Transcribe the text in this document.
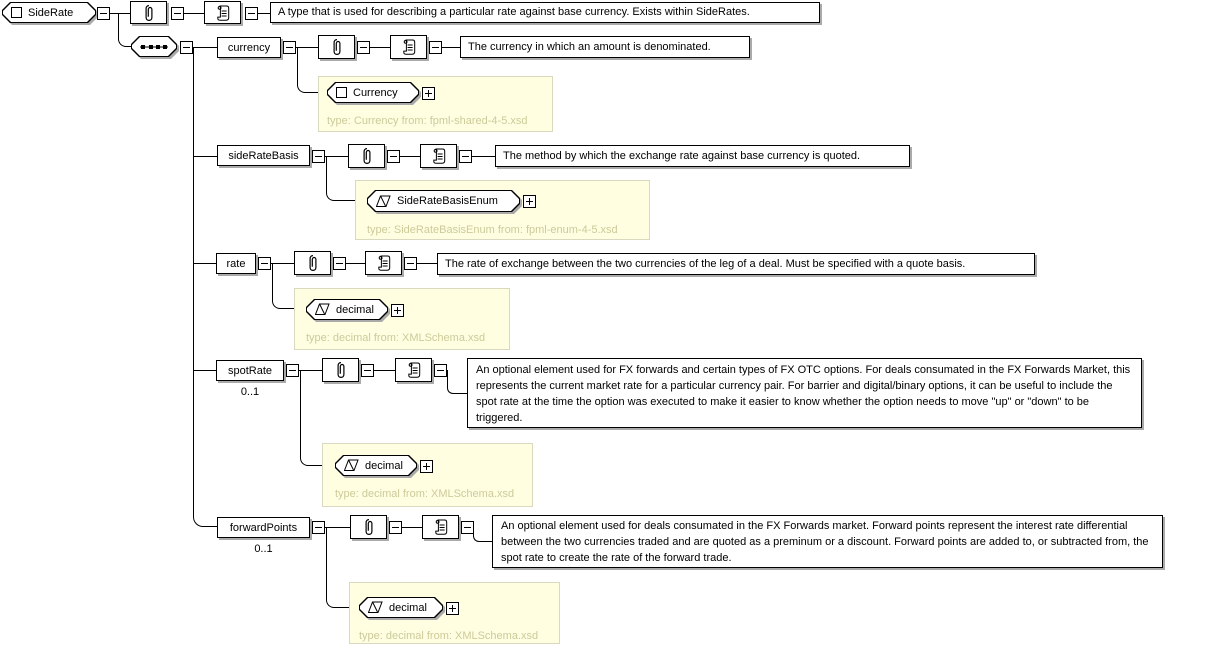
SideRate	A type that is used for describing a particular rate against base currency. Exists within SideRates.
currency	The currency in which an amount is denominated.
Currency
type: Currency from: fpml-shared-4-5.xsd
sideRateBasis	The method by which the exchange rate against base currency is quoted.
SideRateBasisEnum
type: SideRateBasisEnum from: fpml-enum-4-5.xsd
rate	The rate of exchange between the two currencies of the leg of a deal. Must be specified with a quote basis.
decimal
type: decimal from: XMLSchema.xsd
spotRate
0..1
An optional element used for FX forwards and certain types of FX OTC options. For deals consumated in the FX Forwards Market, this represents the current market rate for a particular currency pair. For barrier and digital/binary options, it can be useful to include the spot rate at the time the option was executed to make it easier to know whether the option needs to move "up" or "down" to be triggered.
decimal
type: decimal from: XMLSchema.xsd
forwardPoints
0..1
An optional element used for deals consumated in the FX Forwards market. Forward points represent the interest rate differential between the two currencies traded and are quoted as a preminum or a discount. Forward points are added to, or subtracted from, the spot rate to create the rate of the forward trade.
decimal
type: decimal from: XMLSchema.xsd
